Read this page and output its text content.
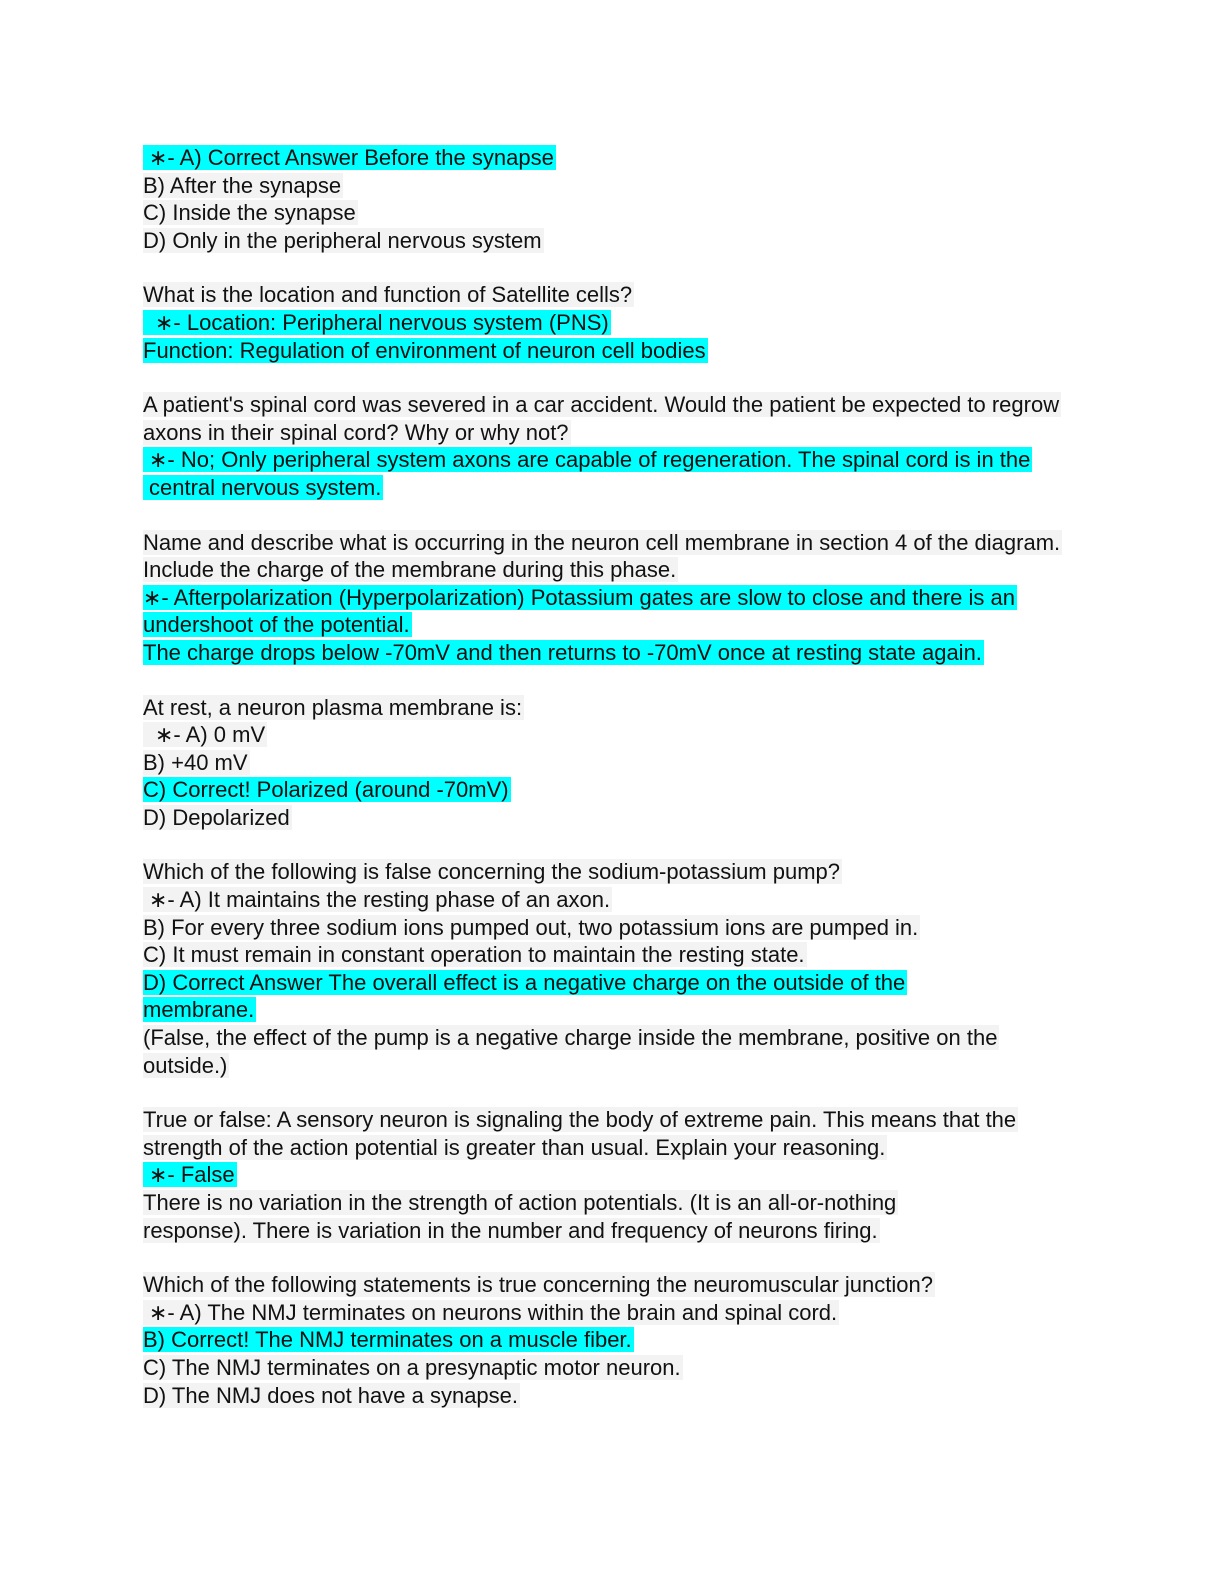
∗- A) Correct Answer Before the synapse
B) After the synapse
C) Inside the synapse
D) Only in the peripheral nervous system
What is the location and function of Satellite cells?
∗- Location: Peripheral nervous system (PNS)
Function: Regulation of environment of neuron cell bodies
A patient's spinal cord was severed in a car accident. Would the patient be expected to regrow axons in their spinal cord? Why or why not?
∗- No; Only peripheral system axons are capable of regeneration. The spinal cord is in the central nervous system.
Name and describe what is occurring in the neuron cell membrane in section 4 of the diagram. Include the charge of the membrane during this phase.
∗- Afterpolarization (Hyperpolarization) Potassium gates are slow to close and there is an undershoot of the potential.
The charge drops below -70mV and then returns to -70mV once at resting state again.
At rest, a neuron plasma membrane is:
∗- A) 0 mV
B) +40 mV
C) Correct! Polarized (around -70mV)
D) Depolarized
Which of the following is false concerning the sodium-potassium pump?
∗- A) It maintains the resting phase of an axon.
B) For every three sodium ions pumped out, two potassium ions are pumped in.
C) It must remain in constant operation to maintain the resting state.
D) Correct Answer The overall effect is a negative charge on the outside of the membrane.
(False, the effect of the pump is a negative charge inside the membrane, positive on the outside.)
True or false: A sensory neuron is signaling the body of extreme pain. This means that the strength of the action potential is greater than usual. Explain your reasoning.
∗- False
There is no variation in the strength of action potentials. (It is an all-or-nothing response). There is variation in the number and frequency of neurons firing.
Which of the following statements is true concerning the neuromuscular junction?
∗- A) The NMJ terminates on neurons within the brain and spinal cord.
B) Correct! The NMJ terminates on a muscle fiber.
C) The NMJ terminates on a presynaptic motor neuron.
D) The NMJ does not have a synapse.
